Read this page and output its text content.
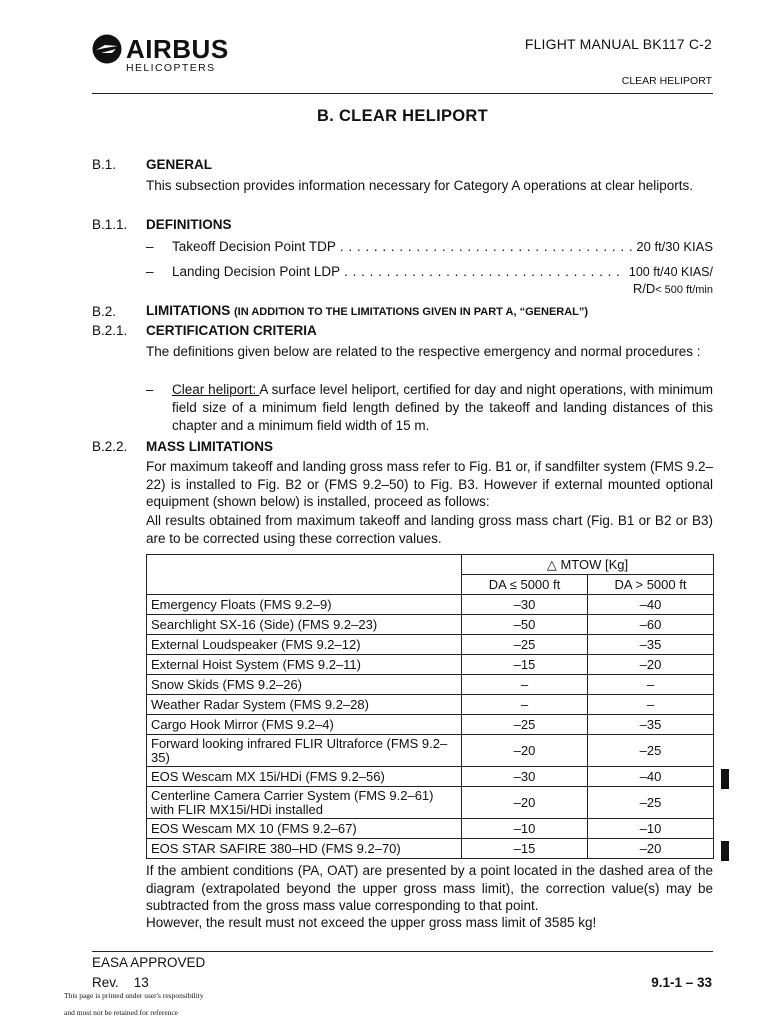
AIRBUS
HELICOPTERS
FLIGHT MANUAL BK117 C-2
CLEAR HELIPORT
B. CLEAR HELIPORT
B.1. GENERAL
This subsection provides information necessary for Category A operations at clear heliports.
B.1.1. DEFINITIONS
– Takeoff Decision Point TDP . . .	20 ft/30 KIAS
– Landing Decision Point LDP . . .	100 ft/40 KIAS/
R/D< 500 ft/min
B.2. LIMITATIONS (IN ADDITION TO THE LIMITATIONS GIVEN IN PART A, “GENERAL”)
B.2.1. CERTIFICATION CRITERIA
The definitions given below are related to the respective emergency and normal procedures :
– Clear heliport: A surface level heliport, certified for day and night operations, with minimum field size of a minimum field length defined by the takeoff and landing distances of this chapter and a minimum field width of 15 m.
B.2.2. MASS LIMITATIONS
For maximum takeoff and landing gross mass refer to Fig. B1 or, if sandfilter system (FMS 9.2–22) is installed to Fig. B2 or (FMS 9.2–50) to Fig. B3. However if external mounted optional equipment (shown below) is installed, proceed as follows:
All results obtained from maximum takeoff and landing gross mass chart (Fig. B1 or B2 or B3) are to be corrected using these correction values.
	△ MTOW [Kg]	
	DA ≤ 5000 ft	DA > 5000 ft
Emergency Floats (FMS 9.2–9)	–30	–40
Searchlight SX-16 (Side) (FMS 9.2–23)	–50	–60
External Loudspeaker (FMS 9.2–12)	–25	–35
External Hoist System (FMS 9.2–11)	–15	–20
Snow Skids (FMS 9.2–26)	–	–
Weather Radar System (FMS 9.2–28)	–	–
Cargo Hook Mirror (FMS 9.2–4)	–25	–35
Forward looking infrared FLIR Ultraforce (FMS 9.2–35)	–20	–25
EOS Wescam MX 15i/HDi (FMS 9.2–56)	–30	–40
Centerline Camera Carrier System (FMS 9.2–61) with FLIR MX15i/HDi installed	–20	–25
EOS Wescam MX 10 (FMS 9.2–67)	–10	–10
EOS STAR SAFIRE 380–HD (FMS 9.2–70)	–15	–20
If the ambient conditions (PA, OAT) are presented by a point located in the dashed area of the diagram (extrapolated beyond the upper gross mass limit), the correction value(s) may be subtracted from the gross mass value corresponding to that point.
However, the result must not exceed the upper gross mass limit of 3585 kg!
EASA APPROVED
Rev. 13	9.1-1 – 33
This page is printed under user's responsibility
and must not be retained for reference
